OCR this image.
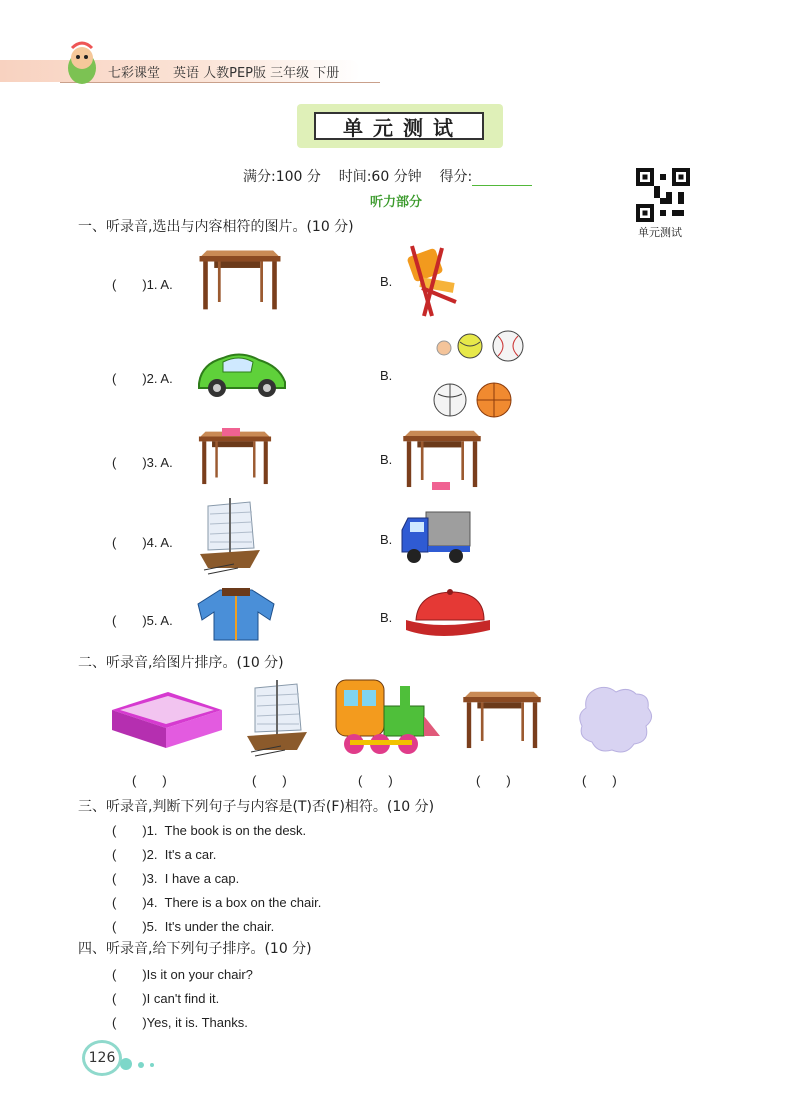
七彩课堂　英语 人教PEP版 三年级 下册
单元测试
满分:100 分 时间:60 分钟 得分:
听力部分
单元测试
一、听录音,选出与内容相符的图片。(10 分)
(　　)1. A.	B.
(　　)2. A.	B.
(　　)3. A.	B.
(　　)4. A.	B.
(　　)5. A.	B.
二、听录音,给图片排序。(10 分)
(　　)	(　　)	(　　)	(　　)	(　　)
三、听录音,判断下列句子与内容是(T)否(F)相符。(10 分)
(　　)1. The book is on the desk.
(　　)2. It's a car.
(　　)3. I have a cap.
(　　)4. There is a box on the chair.
(　　)5. It's under the chair.
四、听录音,给下列句子排序。(10 分)
(　　)Is it on your chair?
(　　)I can't find it.
(　　)Yes, it is. Thanks.
126
